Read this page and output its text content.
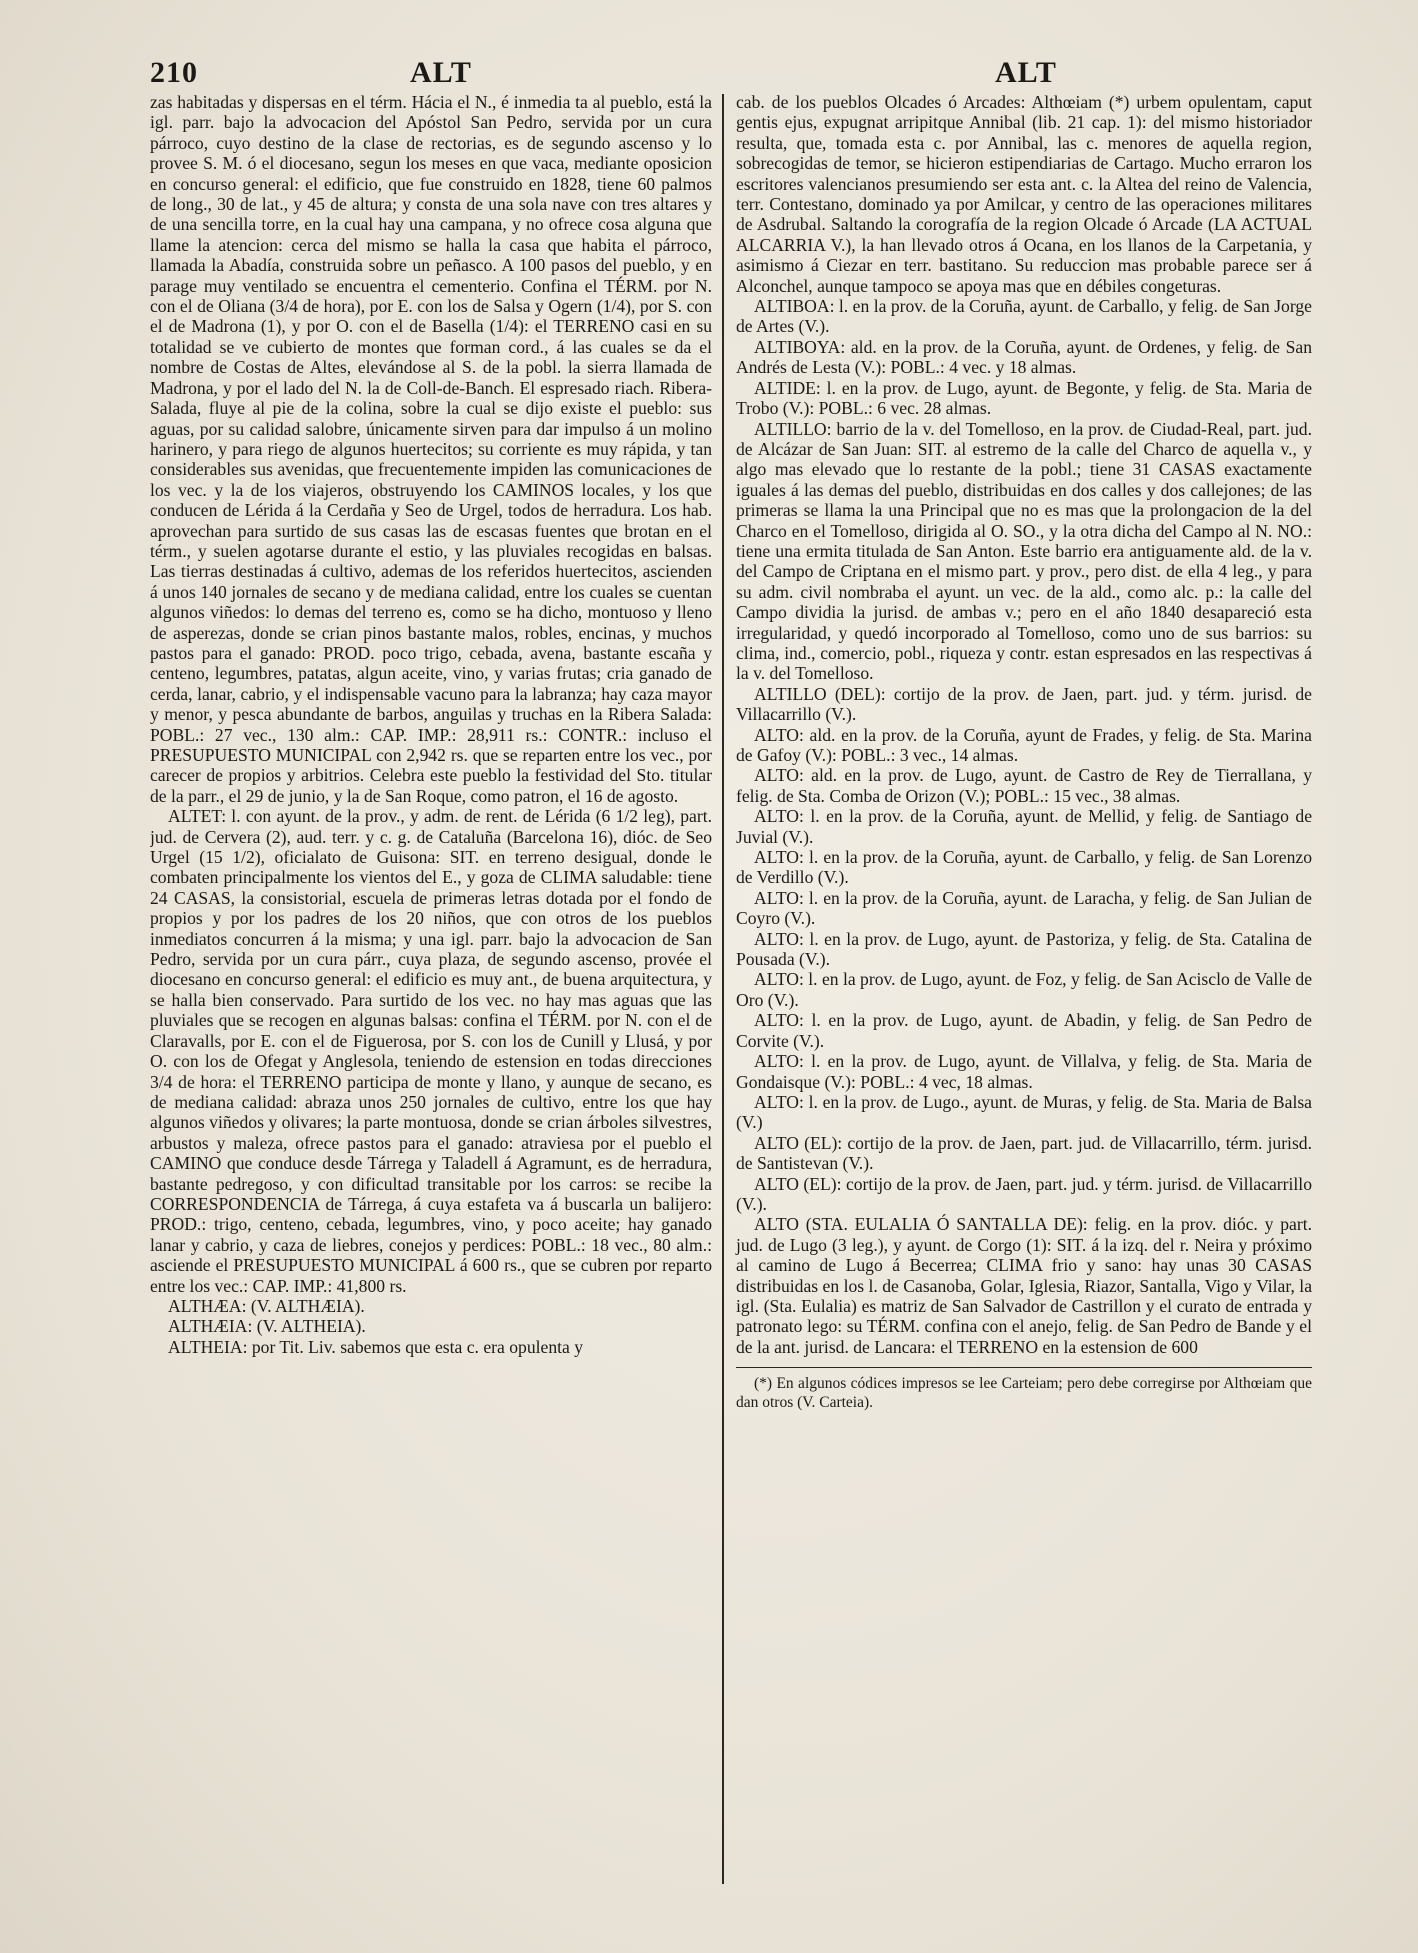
210	ALT	ALT

zas habitadas y dispersas en el térm. Hácia el N., é inmedia ta al pueblo, está la igl. parr. bajo la advocacion del Apóstol San Pedro, servida por un cura párroco, cuyo destino de la clase de rectorias, es de segundo ascenso y lo provee S. M. ó el diocesano, segun los meses en que vaca, mediante oposicion en concurso general: el edificio, que fue construido en 1828, tiene 60 palmos de long., 30 de lat., y 45 de altura; y consta de una sola nave con tres altares y de una sencilla torre, en la cual hay una campana, y no ofrece cosa alguna que llame la atencion: cerca del mismo se halla la casa que habita el párroco, llamada la Abadía, construida sobre un peñasco. A 100 pasos del pueblo, y en parage muy ventilado se encuentra el cementerio. Confina el TÉRM. por N. con el de Oliana (3/4 de hora), por E. con los de Salsa y Ogern (1/4), por S. con el de Madrona (1), y por O. con el de Basella (1/4): el TERRENO casi en su totalidad se ve cubierto de montes que forman cord., á las cuales se da el nombre de Costas de Altes, elevándose al S. de la pobl. la sierra llamada de Madrona, y por el lado del N. la de Coll-de-Banch. El espresado riach. Ribera-Salada, fluye al pie de la colina, sobre la cual se dijo existe el pueblo: sus aguas, por su calidad salobre, únicamente sirven para dar impulso á un molino harinero, y para riego de algunos huertecitos; su corriente es muy rápida, y tan considerables sus avenidas, que frecuentemente impiden las comunicaciones de los vec. y la de los viajeros, obstruyendo los CAMINOS locales, y los que conducen de Lérida á la Cerdaña y Seo de Urgel, todos de herradura. Los hab. aprovechan para surtido de sus casas las de escasas fuentes que brotan en el térm., y suelen agotarse durante el estio, y las pluviales recogidas en balsas. Las tierras destinadas á cultivo, ademas de los referidos huertecitos, ascienden á unos 140 jornales de secano y de mediana calidad, entre los cuales se cuentan algunos viñedos: lo demas del terreno es, como se ha dicho, montuoso y lleno de asperezas, donde se crian pinos bastante malos, robles, encinas, y muchos pastos para el ganado: PROD. poco trigo, cebada, avena, bastante escaña y centeno, legumbres, patatas, algun aceite, vino, y varias frutas; cria ganado de cerda, lanar, cabrio, y el indispensable vacuno para la labranza; hay caza mayor y menor, y pesca abundante de barbos, anguilas y truchas en la Ribera Salada: POBL.: 27 vec., 130 alm.: CAP. IMP.: 28,911 rs.: CONTR.: incluso el PRESUPUESTO MUNICIPAL con 2,942 rs. que se reparten entre los vec., por carecer de propios y arbitrios. Celebra este pueblo la festividad del Sto. titular de la parr., el 29 de junio, y la de San Roque, como patron, el 16 de agosto.

ALTET: l. con ayunt. de la prov., y adm. de rent. de Lérida (6 1/2 leg), part. jud. de Cervera (2), aud. terr. y c. g. de Cataluña (Barcelona 16), dióc. de Seo Urgel (15 1/2), oficialato de Guisona: SIT. en terreno desigual, donde le combaten principalmente los vientos del E., y goza de CLIMA saludable: tiene 24 CASAS, la consistorial, escuela de primeras letras dotada por el fondo de propios y por los padres de los 20 niños, que con otros de los pueblos inmediatos concurren á la misma; y una igl. parr. bajo la advocacion de San Pedro, servida por un cura párr., cuya plaza, de segundo ascenso, provée el diocesano en concurso general: el edificio es muy ant., de buena arquitectura, y se halla bien conservado. Para surtido de los vec. no hay mas aguas que las pluviales que se recogen en algunas balsas: confina el TÉRM. por N. con el de Claravalls, por E. con el de Figuerosa, por S. con los de Cunill y Llusá, y por O. con los de Ofegat y Anglesola, teniendo de estension en todas direcciones 3/4 de hora: el TERRENO participa de monte y llano, y aunque de secano, es de mediana calidad: abraza unos 250 jornales de cultivo, entre los que hay algunos viñedos y olivares; la parte montuosa, donde se crian árboles silvestres, arbustos y maleza, ofrece pastos para el ganado: atraviesa por el pueblo el CAMINO que conduce desde Tárrega y Taladell á Agramunt, es de herradura, bastante pedregoso, y con dificultad transitable por los carros: se recibe la CORRESPONDENCIA de Tárrega, á cuya estafeta va á buscarla un balijero: PROD.: trigo, centeno, cebada, legumbres, vino, y poco aceite; hay ganado lanar y cabrio, y caza de liebres, conejos y perdices: POBL.: 18 vec., 80 alm.: asciende el PRESUPUESTO MUNICIPAL á 600 rs., que se cubren por reparto entre los vec.: CAP. IMP.: 41,800 rs.

ALTHÆA: (V. ALTHÆIA).

ALTHÆIA: (V. ALTHEIA).

ALTHEIA: por Tit. Liv. sabemos que esta c. era opulenta y

cab. de los pueblos Olcades ó Arcades: Althœiam (*) urbem opulentam, caput gentis ejus, expugnat arripitque Annibal (lib. 21 cap. 1): del mismo historiador resulta, que, tomada esta c. por Annibal, las c. menores de aquella region, sobrecogidas de temor, se hicieron estipendiarias de Cartago. Mucho erraron los escritores valencianos presumiendo ser esta ant. c. la Altea del reino de Valencia, terr. Contestano, dominado ya por Amilcar, y centro de las operaciones militares de Asdrubal. Saltando la corografía de la region Olcade ó Arcade (LA ACTUAL ALCARRIA V.), la han llevado otros á Ocana, en los llanos de la Carpetania, y asimismo á Ciezar en terr. bastitano. Su reduccion mas probable parece ser á Alconchel, aunque tampoco se apoya mas que en débiles congeturas.

ALTIBOA: l. en la prov. de la Coruña, ayunt. de Carballo, y felig. de San Jorge de Artes (V.).

ALTIBOYA: ald. en la prov. de la Coruña, ayunt. de Ordenes, y felig. de San Andrés de Lesta (V.): POBL.: 4 vec. y 18 almas.

ALTIDE: l. en la prov. de Lugo, ayunt. de Begonte, y felig. de Sta. Maria de Trobo (V.): POBL.: 6 vec. 28 almas.

ALTILLO: barrio de la v. del Tomelloso, en la prov. de Ciudad-Real, part. jud. de Alcázar de San Juan: SIT. al estremo de la calle del Charco de aquella v., y algo mas elevado que lo restante de la pobl.; tiene 31 CASAS exactamente iguales á las demas del pueblo, distribuidas en dos calles y dos callejones; de las primeras se llama la una Principal que no es mas que la prolongacion de la del Charco en el Tomelloso, dirigida al O. SO., y la otra dicha del Campo al N. NO.: tiene una ermita titulada de San Anton. Este barrio era antiguamente ald. de la v. del Campo de Criptana en el mismo part. y prov., pero dist. de ella 4 leg., y para su adm. civil nombraba el ayunt. un vec. de la ald., como alc. p.: la calle del Campo dividia la jurisd. de ambas v.; pero en el año 1840 desapareció esta irregularidad, y quedó incorporado al Tomelloso, como uno de sus barrios: su clima, ind., comercio, pobl., riqueza y contr. estan espresados en las respectivas á la v. del Tomelloso.

ALTILLO (DEL): cortijo de la prov. de Jaen, part. jud. y térm. jurisd. de Villacarrillo (V.).

ALTO: ald. en la prov. de la Coruña, ayunt de Frades, y felig. de Sta. Marina de Gafoy (V.): POBL.: 3 vec., 14 almas.

ALTO: ald. en la prov. de Lugo, ayunt. de Castro de Rey de Tierrallana, y felig. de Sta. Comba de Orizon (V.); POBL.: 15 vec., 38 almas.

ALTO: l. en la prov. de la Coruña, ayunt. de Mellid, y felig. de Santiago de Juvial (V.).

ALTO: l. en la prov. de la Coruña, ayunt. de Carballo, y felig. de San Lorenzo de Verdillo (V.).

ALTO: l. en la prov. de la Coruña, ayunt. de Laracha, y felig. de San Julian de Coyro (V.).

ALTO: l. en la prov. de Lugo, ayunt. de Pastoriza, y felig. de Sta. Catalina de Pousada (V.).

ALTO: l. en la prov. de Lugo, ayunt. de Foz, y felig. de San Acisclo de Valle de Oro (V.).

ALTO: l. en la prov. de Lugo, ayunt. de Abadin, y felig. de San Pedro de Corvite (V.).

ALTO: l. en la prov. de Lugo, ayunt. de Villalva, y felig. de Sta. Maria de Gondaisque (V.): POBL.: 4 vec, 18 almas.

ALTO: l. en la prov. de Lugo., ayunt. de Muras, y felig. de Sta. Maria de Balsa (V.)

ALTO (EL): cortijo de la prov. de Jaen, part. jud. de Villacarrillo, térm. jurisd. de Santistevan (V.).

ALTO (EL): cortijo de la prov. de Jaen, part. jud. y térm. jurisd. de Villacarrillo (V.).

ALTO (STA. EULALIA Ó SANTALLA DE): felig. en la prov. dióc. y part. jud. de Lugo (3 leg.), y ayunt. de Corgo (1): SIT. á la izq. del r. Neira y próximo al camino de Lugo á Becerrea; CLIMA frio y sano: hay unas 30 CASAS distribuidas en los l. de Casanoba, Golar, Iglesia, Riazor, Santalla, Vigo y Vilar, la igl. (Sta. Eulalia) es matriz de San Salvador de Castrillon y el curato de entrada y patronato lego: su TÉRM. confina con el anejo, felig. de San Pedro de Bande y el de la ant. jurisd. de Lancara: el TERRENO en la estension de 600

(*) En algunos códices impresos se lee Carteiam; pero debe corregirse por Althœiam que dan otros (V. Carteia).
